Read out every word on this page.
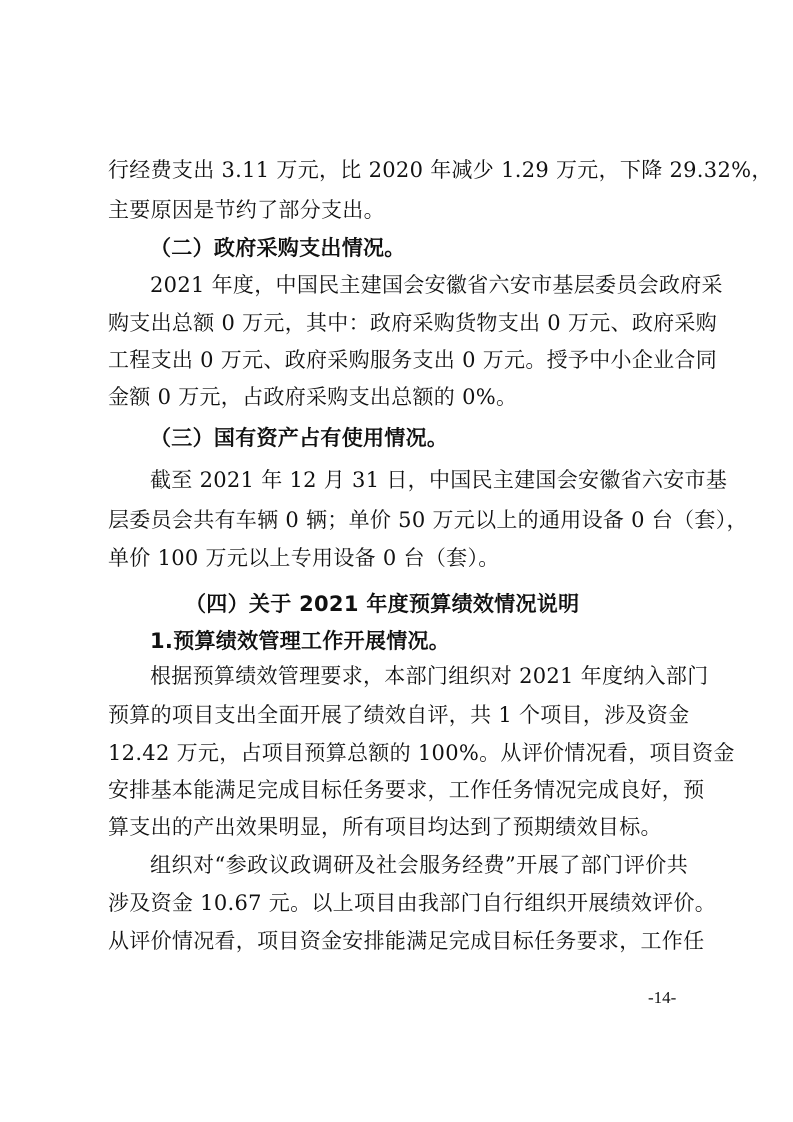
行经费支出 3.11 万元，比 2020 年减少 1.29 万元，下降 29.32%，
主要原因是节约了部分支出。
（二）政府采购支出情况。
2021 年度，中国民主建国会安徽省六安市基层委员会政府采
购支出总额 0 万元，其中：政府采购货物支出 0 万元、政府采购
工程支出 0 万元、政府采购服务支出 0 万元。授予中小企业合同
金额 0 万元，占政府采购支出总额的 0%。
（三）国有资产占有使用情况。
截至 2021 年 12 月 31 日，中国民主建国会安徽省六安市基
层委员会共有车辆 0 辆；单价 50 万元以上的通用设备 0 台（套），
单价 100 万元以上专用设备 0 台（套）。
（四）关于 2021 年度预算绩效情况说明
1.预算绩效管理工作开展情况。
根据预算绩效管理要求，本部门组织对 2021 年度纳入部门
预算的项目支出全面开展了绩效自评，共 1 个项目，涉及资金
12.42 万元，占项目预算总额的 100%。从评价情况看，项目资金
安排基本能满足完成目标任务要求，工作任务情况完成良好，预
算支出的产出效果明显，所有项目均达到了预期绩效目标。
组织对“参政议政调研及社会服务经费”开展了部门评价共
涉及资金 10.67 元。以上项目由我部门自行组织开展绩效评价。
从评价情况看，项目资金安排能满足完成目标任务要求，工作任
-14-
